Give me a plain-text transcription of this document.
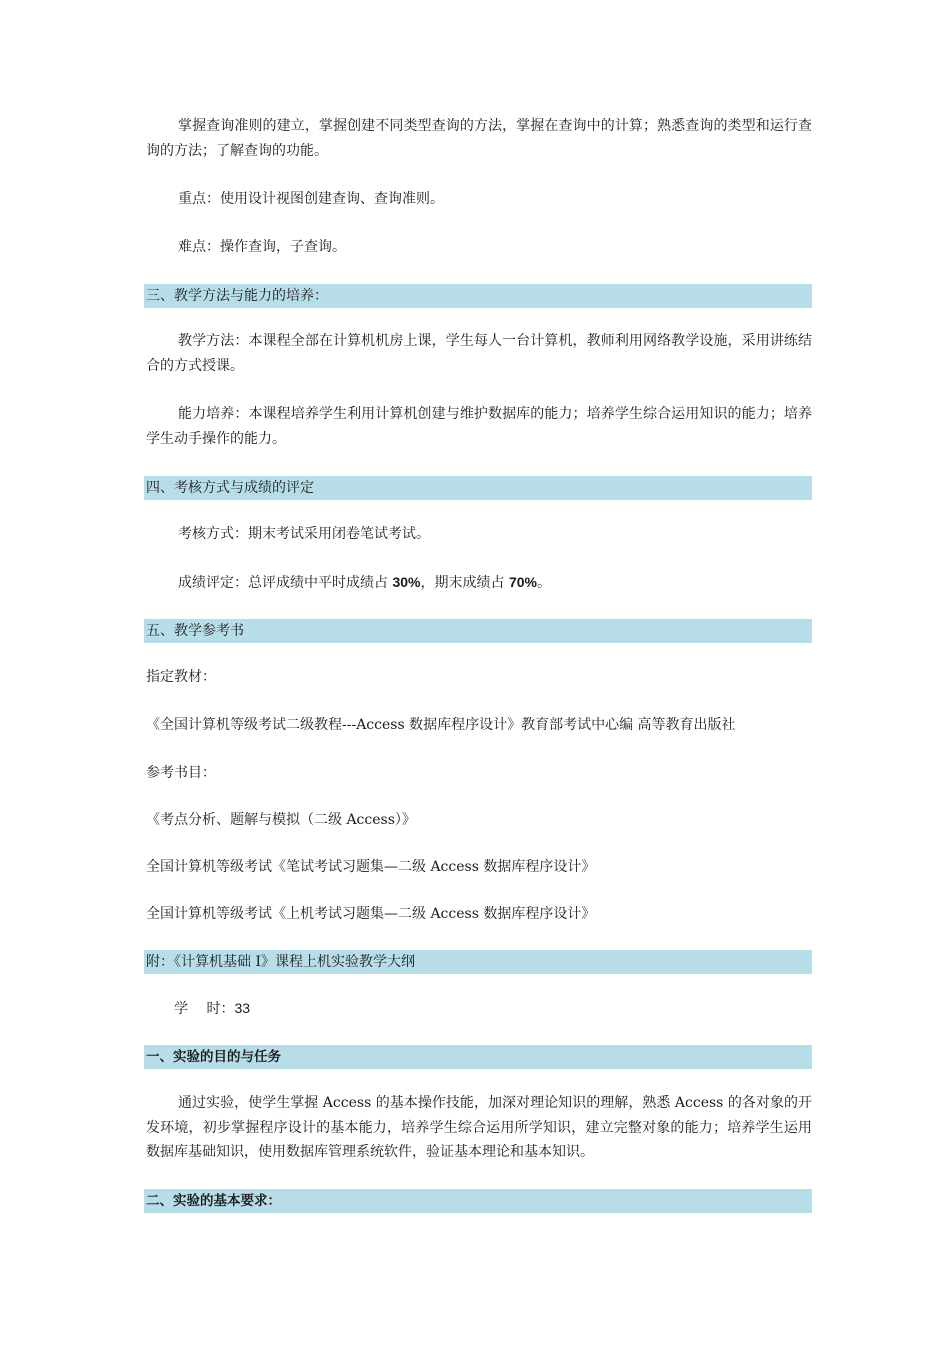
掌握查询准则的建立，掌握创建不同类型查询的方法，掌握在查询中的计算；熟悉查询的类型和运行查询的方法；了解查询的功能。
重点：使用设计视图创建查询、查询准则。
难点：操作查询，子查询。
三、教学方法与能力的培养：
教学方法：本课程全部在计算机机房上课，学生每人一台计算机，教师利用网络教学设施，采用讲练结合的方式授课。
能力培养：本课程培养学生利用计算机创建与维护数据库的能力；培养学生综合运用知识的能力；培养学生动手操作的能力。
四、考核方式与成绩的评定
考核方式：期末考试采用闭卷笔试考试。
成绩评定：总评成绩中平时成绩占 30%，期末成绩占 70%。
五、教学参考书
指定教材：
《全国计算机等级考试二级教程---Access 数据库程序设计》教育部考试中心编 高等教育出版社
参考书目：
《考点分析、题解与模拟（二级 Access）》
全国计算机等级考试《笔试考试习题集—二级 Access 数据库程序设计》
全国计算机等级考试《上机考试习题集—二级 Access 数据库程序设计》
附：《计算机基础 I》课程上机实验教学大纲
学　 时：33
一、实验的目的与任务
通过实验，使学生掌握 Access 的基本操作技能，加深对理论知识的理解，熟悉 Access 的各对象的开发环境，初步掌握程序设计的基本能力，培养学生综合运用所学知识，建立完整对象的能力；培养学生运用数据库基础知识，使用数据库管理系统软件，验证基本理论和基本知识。
二、实验的基本要求：
